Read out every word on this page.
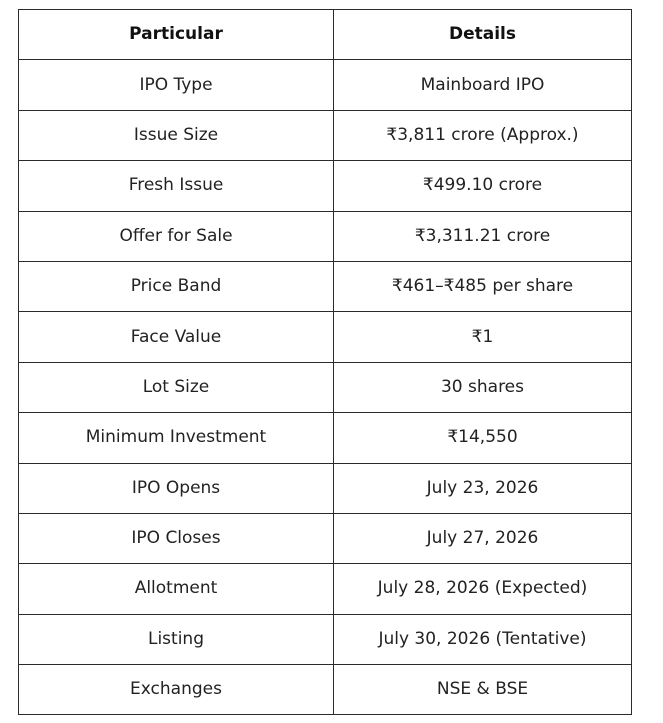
Particular	Details
IPO Type	Mainboard IPO
Issue Size	₹3,811 crore (Approx.)
Fresh Issue	₹499.10 crore
Offer for Sale	₹3,311.21 crore
Price Band	₹461–₹485 per share
Face Value	₹1
Lot Size	30 shares
Minimum Investment	₹14,550
IPO Opens	July 23, 2026
IPO Closes	July 27, 2026
Allotment	July 28, 2026 (Expected)
Listing	July 30, 2026 (Tentative)
Exchanges	NSE & BSE
